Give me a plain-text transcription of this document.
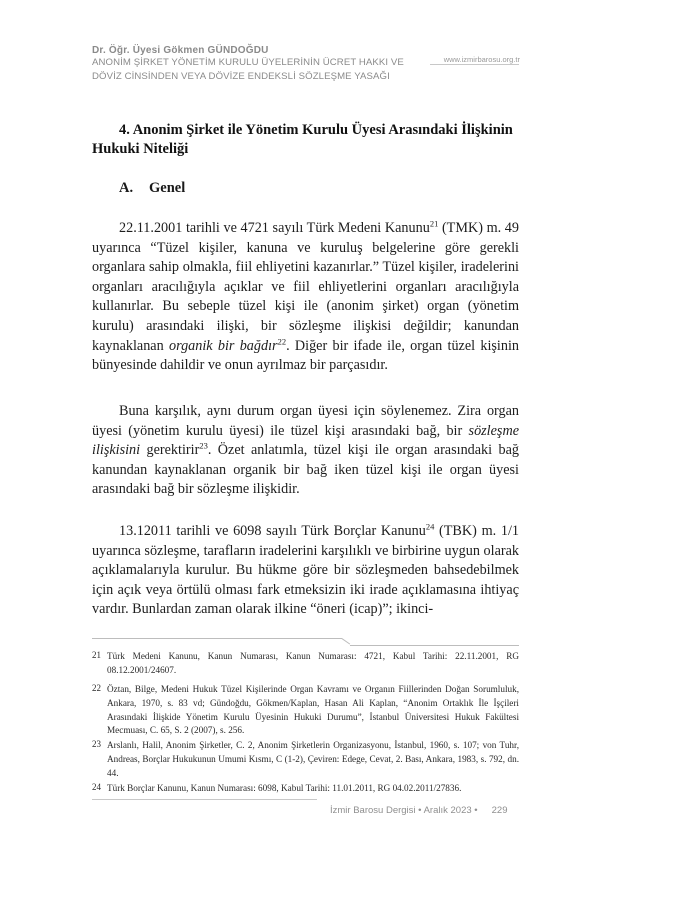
Dr. Öğr. Üyesi Gökmen GÜNDOĞDU
ANONİM ŞİRKET YÖNETİM KURULU ÜYELERİNİN ÜCRET HAKKI VE
DÖVİZ CİNSİNDEN VEYA DÖVİZE ENDEKSLİ SÖZLEŞME YASAĞI
www.izmirbarosu.org.tr
4. Anonim Şirket ile Yönetim Kurulu Üyesi Arasındaki İlişkinin Hukuki Niteliği
A. Genel
22.11.2001 tarihli ve 4721 sayılı Türk Medeni Kanunu$^{21}$ (TMK) m. 49 uyarınca “Tüzel kişiler, kanuna ve kuruluş belgelerine göre gerekli organlara sahip olmakla, fiil ehliyetini kazanırlar.” Tüzel kişiler, iradelerini organları aracılığıyla açıklar ve fiil ehliyetlerini organları aracılığıyla kullanırlar. Bu sebeple tüzel kişi ile (anonim şirket) organ (yönetim kurulu) arasındaki ilişki, bir sözleşme ilişkisi değildir; kanundan kaynaklanan organik bir bağdır$^{22}$. Diğer bir ifade ile, organ tüzel kişinin bünyesinde dahildir ve onun ayrılmaz bir parçasıdır.
Buna karşılık, aynı durum organ üyesi için söylenemez. Zira organ üyesi (yönetim kurulu üyesi) ile tüzel kişi arasındaki bağ, bir sözleşme ilişkisini gerektirir$^{23}$. Özet anlatımla, tüzel kişi ile organ arasındaki bağ kanundan kaynaklanan organik bir bağ iken tüzel kişi ile organ üyesi arasındaki bağ bir sözleşme ilişkidir.
13.12011 tarihli ve 6098 sayılı Türk Borçlar Kanunu$^{24}$ (TBK) m. 1/1 uyarınca sözleşme, tarafların iradelerini karşılıklı ve birbirine uygun olarak açıklamalarıyla kurulur. Bu hükme göre bir sözleşmeden bahsedebilmek için açık veya örtülü olması fark etmeksizin iki irade açıklamasına ihtiyaç vardır. Bunlardan zaman olarak ilkine “öneri (icap)”; ikinci-
21 Türk Medeni Kanunu, Kanun Numarası, Kanun Numarası: 4721, Kabul Tarihi: 22.11.2001, RG 08.12.2001/24607.
22 Öztan, Bilge, Medeni Hukuk Tüzel Kişilerinde Organ Kavramı ve Organın Fiillerinden Doğan Sorumluluk, Ankara, 1970, s. 83 vd; Gündoğdu, Gökmen/Kaplan, Hasan Ali Kaplan, “Anonim Ortaklık İle İşçileri Arasındaki İlişkide Yönetim Kurulu Üyesinin Hukuki Durumu”, İstanbul Üniversitesi Hukuk Fakültesi Mecmuası, C. 65, S. 2 (2007), s. 256.
23 Arslanlı, Halil, Anonim Şirketler, C. 2, Anonim Şirketlerin Organizasyonu, İstanbul, 1960, s. 107; von Tuhr, Andreas, Borçlar Hukukunun Umumi Kısmı, C (1-2), Çeviren: Edege, Cevat, 2. Bası, Ankara, 1983, s. 792, dn. 44.
24 Türk Borçlar Kanunu, Kanun Numarası: 6098, Kabul Tarihi: 11.01.2011, RG 04.02.2011/27836.
İzmir Barosu Dergisi • Aralık 2023 • 229
